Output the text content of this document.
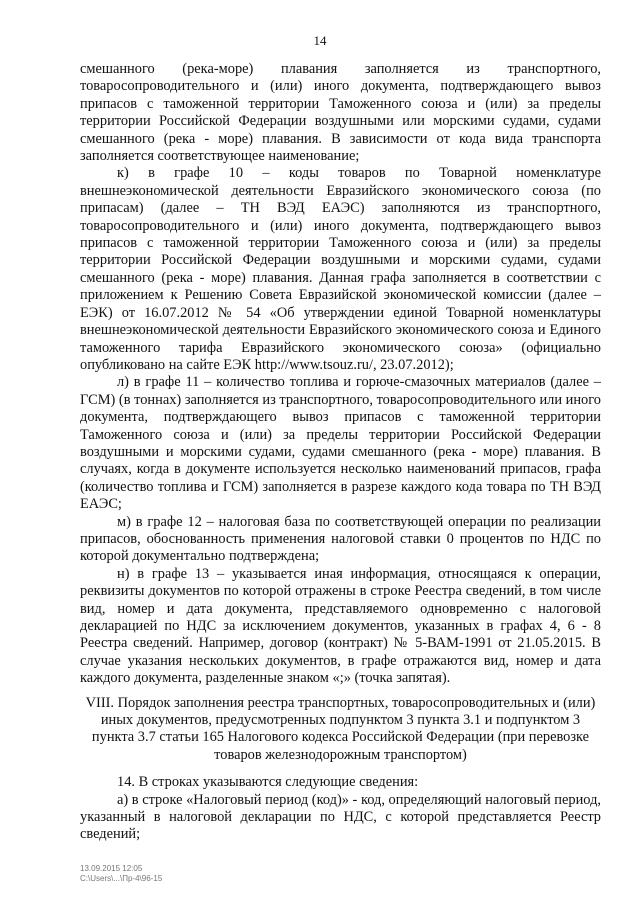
14

смешанного (река-море) плавания заполняется из транспортного, товаросопроводительного и (или) иного документа, подтверждающего вывоз припасов с таможенной территории Таможенного союза и (или) за пределы территории Российской Федерации воздушными или морскими судами, судами смешанного (река - море) плавания. В зависимости от кода вида транспорта заполняется соответствующее наименование;

к) в графе 10 – коды товаров по Товарной номенклатуре внешнеэкономической деятельности Евразийского экономического союза (по припасам) (далее – ТН ВЭД ЕАЭС) заполняются из транспортного, товаросопроводительного и (или) иного документа, подтверждающего вывоз припасов с таможенной территории Таможенного союза и (или) за пределы территории Российской Федерации воздушными и морскими судами, судами смешанного (река - море) плавания. Данная графа заполняется в соответствии с приложением к Решению Совета Евразийской экономической комиссии (далее – ЕЭК) от 16.07.2012 № 54 «Об утверждении единой Товарной номенклатуры внешнеэкономической деятельности Евразийского экономического союза и Единого таможенного тарифа Евразийского экономического союза» (официально опубликовано на сайте ЕЭК http://www.tsouz.ru/, 23.07.2012);

л) в графе 11 – количество топлива и горюче-смазочных материалов (далее – ГСМ) (в тоннах) заполняется из транспортного, товаросопроводительного или иного документа, подтверждающего вывоз припасов с таможенной территории Таможенного союза и (или) за пределы территории Российской Федерации воздушными и морскими судами, судами смешанного (река - море) плавания. В случаях, когда в документе используется несколько наименований припасов, графа (количество топлива и ГСМ) заполняется в разрезе каждого кода товара по ТН ВЭД ЕАЭС;

м) в графе 12 – налоговая база по соответствующей операции по реализации припасов, обоснованность применения налоговой ставки 0 процентов по НДС по которой документально подтверждена;

н) в графе 13 – указывается иная информация, относящаяся к операции, реквизиты документов по которой отражены в строке Реестра сведений, в том числе вид, номер и дата документа, представляемого одновременно с налоговой декларацией по НДС за исключением документов, указанных в графах 4, 6 - 8 Реестра сведений. Например, договор (контракт) № 5-ВАМ-1991 от 21.05.2015. В случае указания нескольких документов, в графе отражаются вид, номер и дата каждого документа, разделенные знаком «;» (точка запятая).

VIII. Порядок заполнения реестра транспортных, товаросопроводительных и (или) иных документов, предусмотренных подпунктом 3 пункта 3.1 и подпунктом 3 пункта 3.7 статьи 165 Налогового кодекса Российской Федерации (при перевозке товаров железнодорожным транспортом)

14. В строках указываются следующие сведения:

а) в строке «Налоговый период (код)» - код, определяющий налоговый период, указанный в налоговой декларации по НДС, с которой представляется Реестр сведений;

13.09.2015 12:05
C:\Users\...\Пр-4\96-15
